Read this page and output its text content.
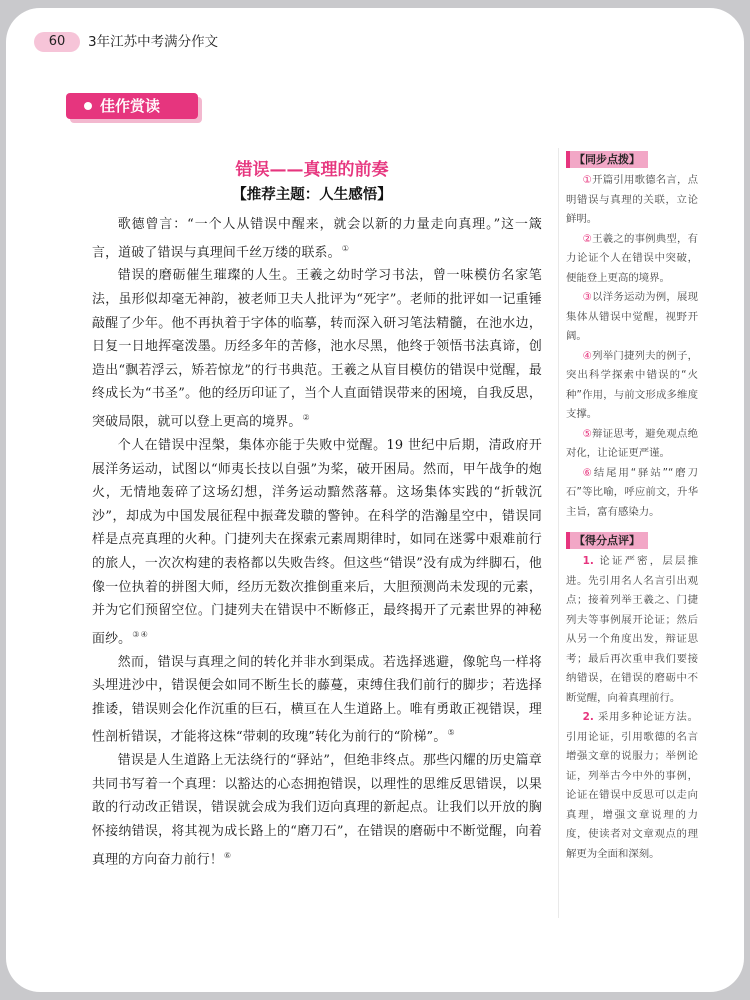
60	3年江苏中考满分作文
佳作赏读
错误——真理的前奏
【推荐主题：人生感悟】

歌德曾言：“一个人从错误中醒来，就会以新的力量走向真理。”这一箴言，道破了错误与真理间千丝万缕的联系。①

错误的磨砺催生璀璨的人生。王羲之幼时学习书法，曾一味模仿名家笔法，虽形似却毫无神韵，被老师卫夫人批评为“死字”。老师的批评如一记重锤敲醒了少年。他不再执着于字体的临摹，转而深入研习笔法精髓，在池水边，日复一日地挥毫泼墨。历经多年的苦修，池水尽黑，他终于领悟书法真谛，创造出“飘若浮云，矫若惊龙”的行书典范。王羲之从盲目模仿的错误中觉醒，最终成长为“书圣”。他的经历印证了，当个人直面错误带来的困境，自我反思，突破局限，就可以登上更高的境界。②

个人在错误中涅槃，集体亦能于失败中觉醒。19 世纪中后期，清政府开展洋务运动，试图以“师夷长技以自强”为桨，破开困局。然而，甲午战争的炮火，无情地轰碎了这场幻想，洋务运动黯然落幕。这场集体实践的“折戟沉沙”，却成为中国发展征程中振聋发聩的警钟。在科学的浩瀚星空中，错误同样是点亮真理的火种。门捷列夫在探索元素周期律时，如同在迷雾中艰难前行的旅人，一次次构建的表格都以失败告终。但这些“错误”没有成为绊脚石，他像一位执着的拼图大师，经历无数次推倒重来后，大胆预测尚未发现的元素，并为它们预留空位。门捷列夫在错误中不断修正，最终揭开了元素世界的神秘面纱。③④

然而，错误与真理之间的转化并非水到渠成。若选择逃避，像鸵鸟一样将头埋进沙中，错误便会如同不断生长的藤蔓，束缚住我们前行的脚步；若选择推诿，错误则会化作沉重的巨石，横亘在人生道路上。唯有勇敢正视错误，理性剖析错误，才能将这株“带刺的玫瑰”转化为前行的“阶梯”。⑤

错误是人生道路上无法绕行的“驿站”，但绝非终点。那些闪耀的历史篇章共同书写着一个真理：以豁达的心态拥抱错误，以理性的思维反思错误，以果敢的行动改正错误，错误就会成为我们迈向真理的新起点。让我们以开放的胸怀接纳错误，将其视为成长路上的“磨刀石”，在错误的磨砺中不断觉醒，向着真理的方向奋力前行！⑥

【同步点拨】

①开篇引用歌德名言，点明错误与真理的关联，立论鲜明。

②王羲之的事例典型，有力论证个人在错误中突破，便能登上更高的境界。

③以洋务运动为例，展现集体从错误中觉醒，视野开阔。

④列举门捷列夫的例子，突出科学探索中错误的“火种”作用，与前文形成多维度支撑。

⑤辩证思考，避免观点绝对化，让论证更严谨。

⑥结尾用“驿站”“磨刀石”等比喻，呼应前文，升华主旨，富有感染力。

【得分点评】

1. 论证严密，层层推进。先引用名人名言引出观点；接着列举王羲之、门捷列夫等事例展开论证；然后从另一个角度出发，辩证思考；最后再次重申我们要接纳错误，在错误的磨砺中不断觉醒，向着真理前行。

2. 采用多种论证方法。引用论证，引用歌德的名言增强文章的说服力；举例论证，列举古今中外的事例，论证在错误中反思可以走向真理，增强文章说理的力度，使读者对文章观点的理解更为全面和深刻。
